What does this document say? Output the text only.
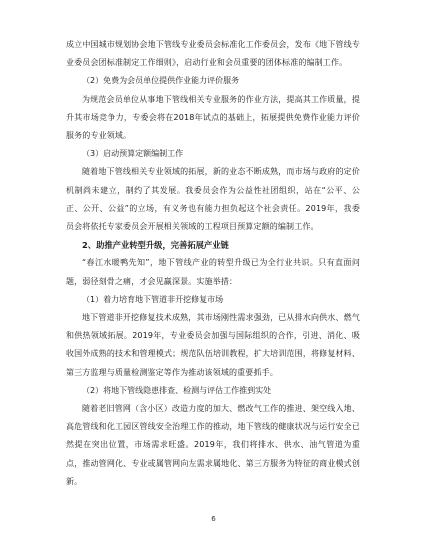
成立中国城市规划协会地下管线专业委员会标准化工作委员会，发布《地下管线专业委员会团标准制定工作细则》，启动行业和会员重要的团体标准的编制工作。

（2）免费为会员单位提供作业能力评价服务

为规范会员单位从事地下管线相关专业服务的作业方法，提高其工作质量，提升其市场竞争力，专委会将在2018年试点的基础上，拓展提供免费作业能力评价服务的专业领域。

（3）启动预算定额编制工作

随着地下管线相关专业领域的拓展，新的业态不断成熟，而市场与政府的定价机制尚未建立，制约了其发展。我委员会作为公益性社团组织，站在“公平、公正、公开、公益”的立场，有义务也有能力担负起这个社会责任。2019年，我委员会将依托专家委员会开展相关领域的工程项目预算定额的编制工作。

2、助推产业转型升级，完善拓展产业链

“春江水暖鸭先知”，地下管线产业的转型升级已为全行业共识。只有直面问题，弱径刻骨之痛，才会见赢深景。实施举措：

（1）着力培育地下管道非开挖修复市场

地下管道非开挖修复技术成熟，其市场刚性需求强劲，已从排水向供水、燃气和供热领域拓展。2019年，专业委员会加强与国际组织的合作，引进、消化、吸收国外成熟的技术和管理模式；规范队伍培训教程，扩大培训范围，将修复材料、第三方监理与质量检测鉴定等作为推动该领域的重要抓手。

（2）将地下管线隐患排查、检测与评估工作推到实处

随着老旧管网（含小区）改造力度的加大、燃改气工作的推进、架空线入地、高危管线和化工园区管线安全治理工作的推动，地下管线的健康状况与运行安全已然提在突出位置，市场需求旺盛。2019年，我们将排水、供水、油气管道为重点，推动管网化、专业或属管网向左需求属地化、第三方服务为特征的商业模式创新。

6
